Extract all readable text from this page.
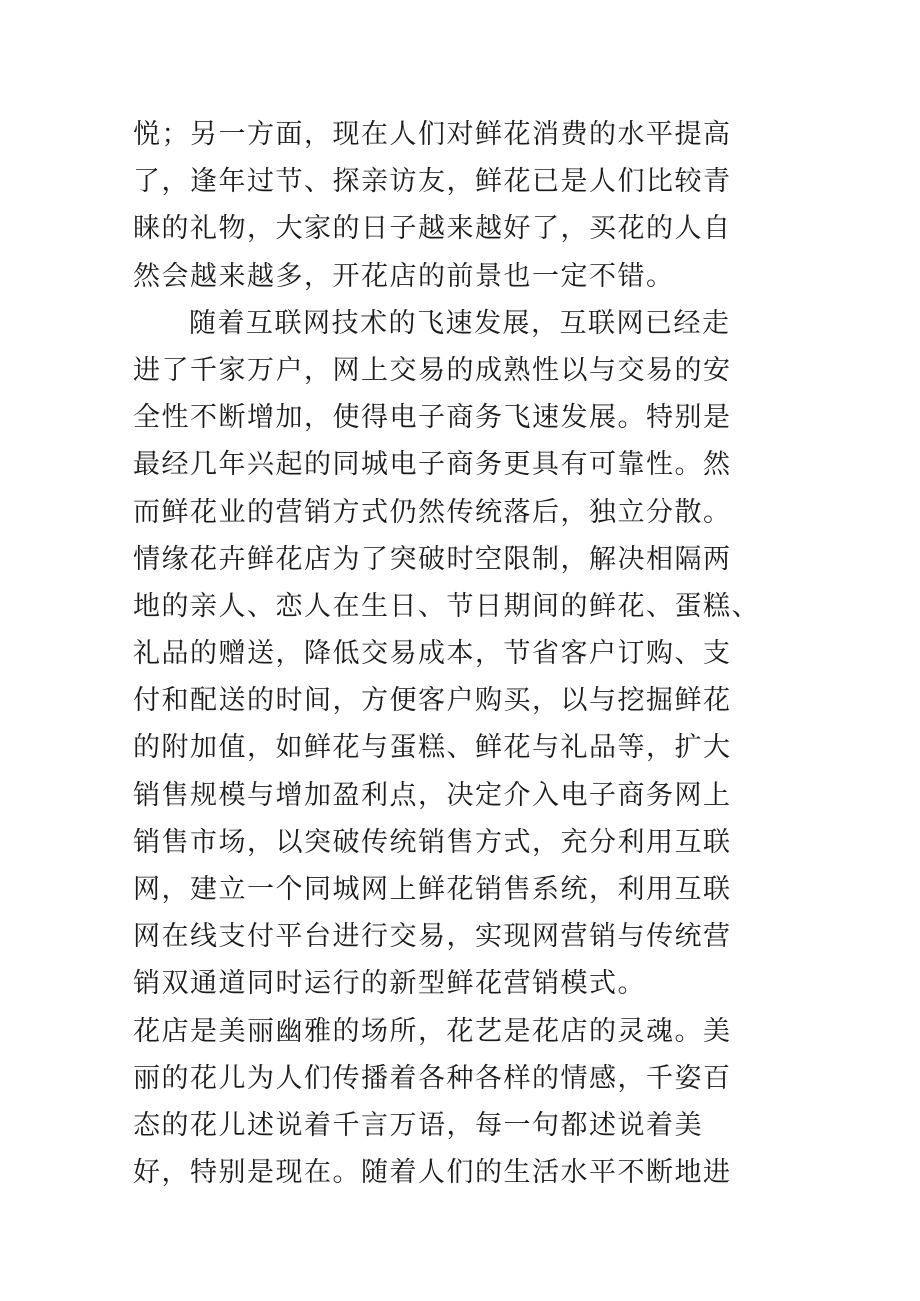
悦；另一方面，现在人们对鲜花消费的水平提高
了，逢年过节、探亲访友，鲜花已是人们比较青
睐的礼物，大家的日子越来越好了，买花的人自
然会越来越多，开花店的前景也一定不错。
随着互联网技术的飞速发展，互联网已经走
进了千家万户，网上交易的成熟性以与交易的安
全性不断增加，使得电子商务飞速发展。特别是
最经几年兴起的同城电子商务更具有可靠性。然
而鲜花业的营销方式仍然传统落后，独立分散。
情缘花卉鲜花店为了突破时空限制，解决相隔两
地的亲人、恋人在生日、节日期间的鲜花、蛋糕、
礼品的赠送，降低交易成本，节省客户订购、支
付和配送的时间，方便客户购买，以与挖掘鲜花
的附加值，如鲜花与蛋糕、鲜花与礼品等，扩大
销售规模与增加盈利点，决定介入电子商务网上
销售市场，以突破传统销售方式，充分利用互联
网，建立一个同城网上鲜花销售系统，利用互联
网在线支付平台进行交易，实现网营销与传统营
销双通道同时运行的新型鲜花营销模式。
花店是美丽幽雅的场所，花艺是花店的灵魂。美
丽的花儿为人们传播着各种各样的情感，千姿百
态的花儿述说着千言万语，每一句都述说着美
好，特别是现在。随着人们的生活水平不断地进
